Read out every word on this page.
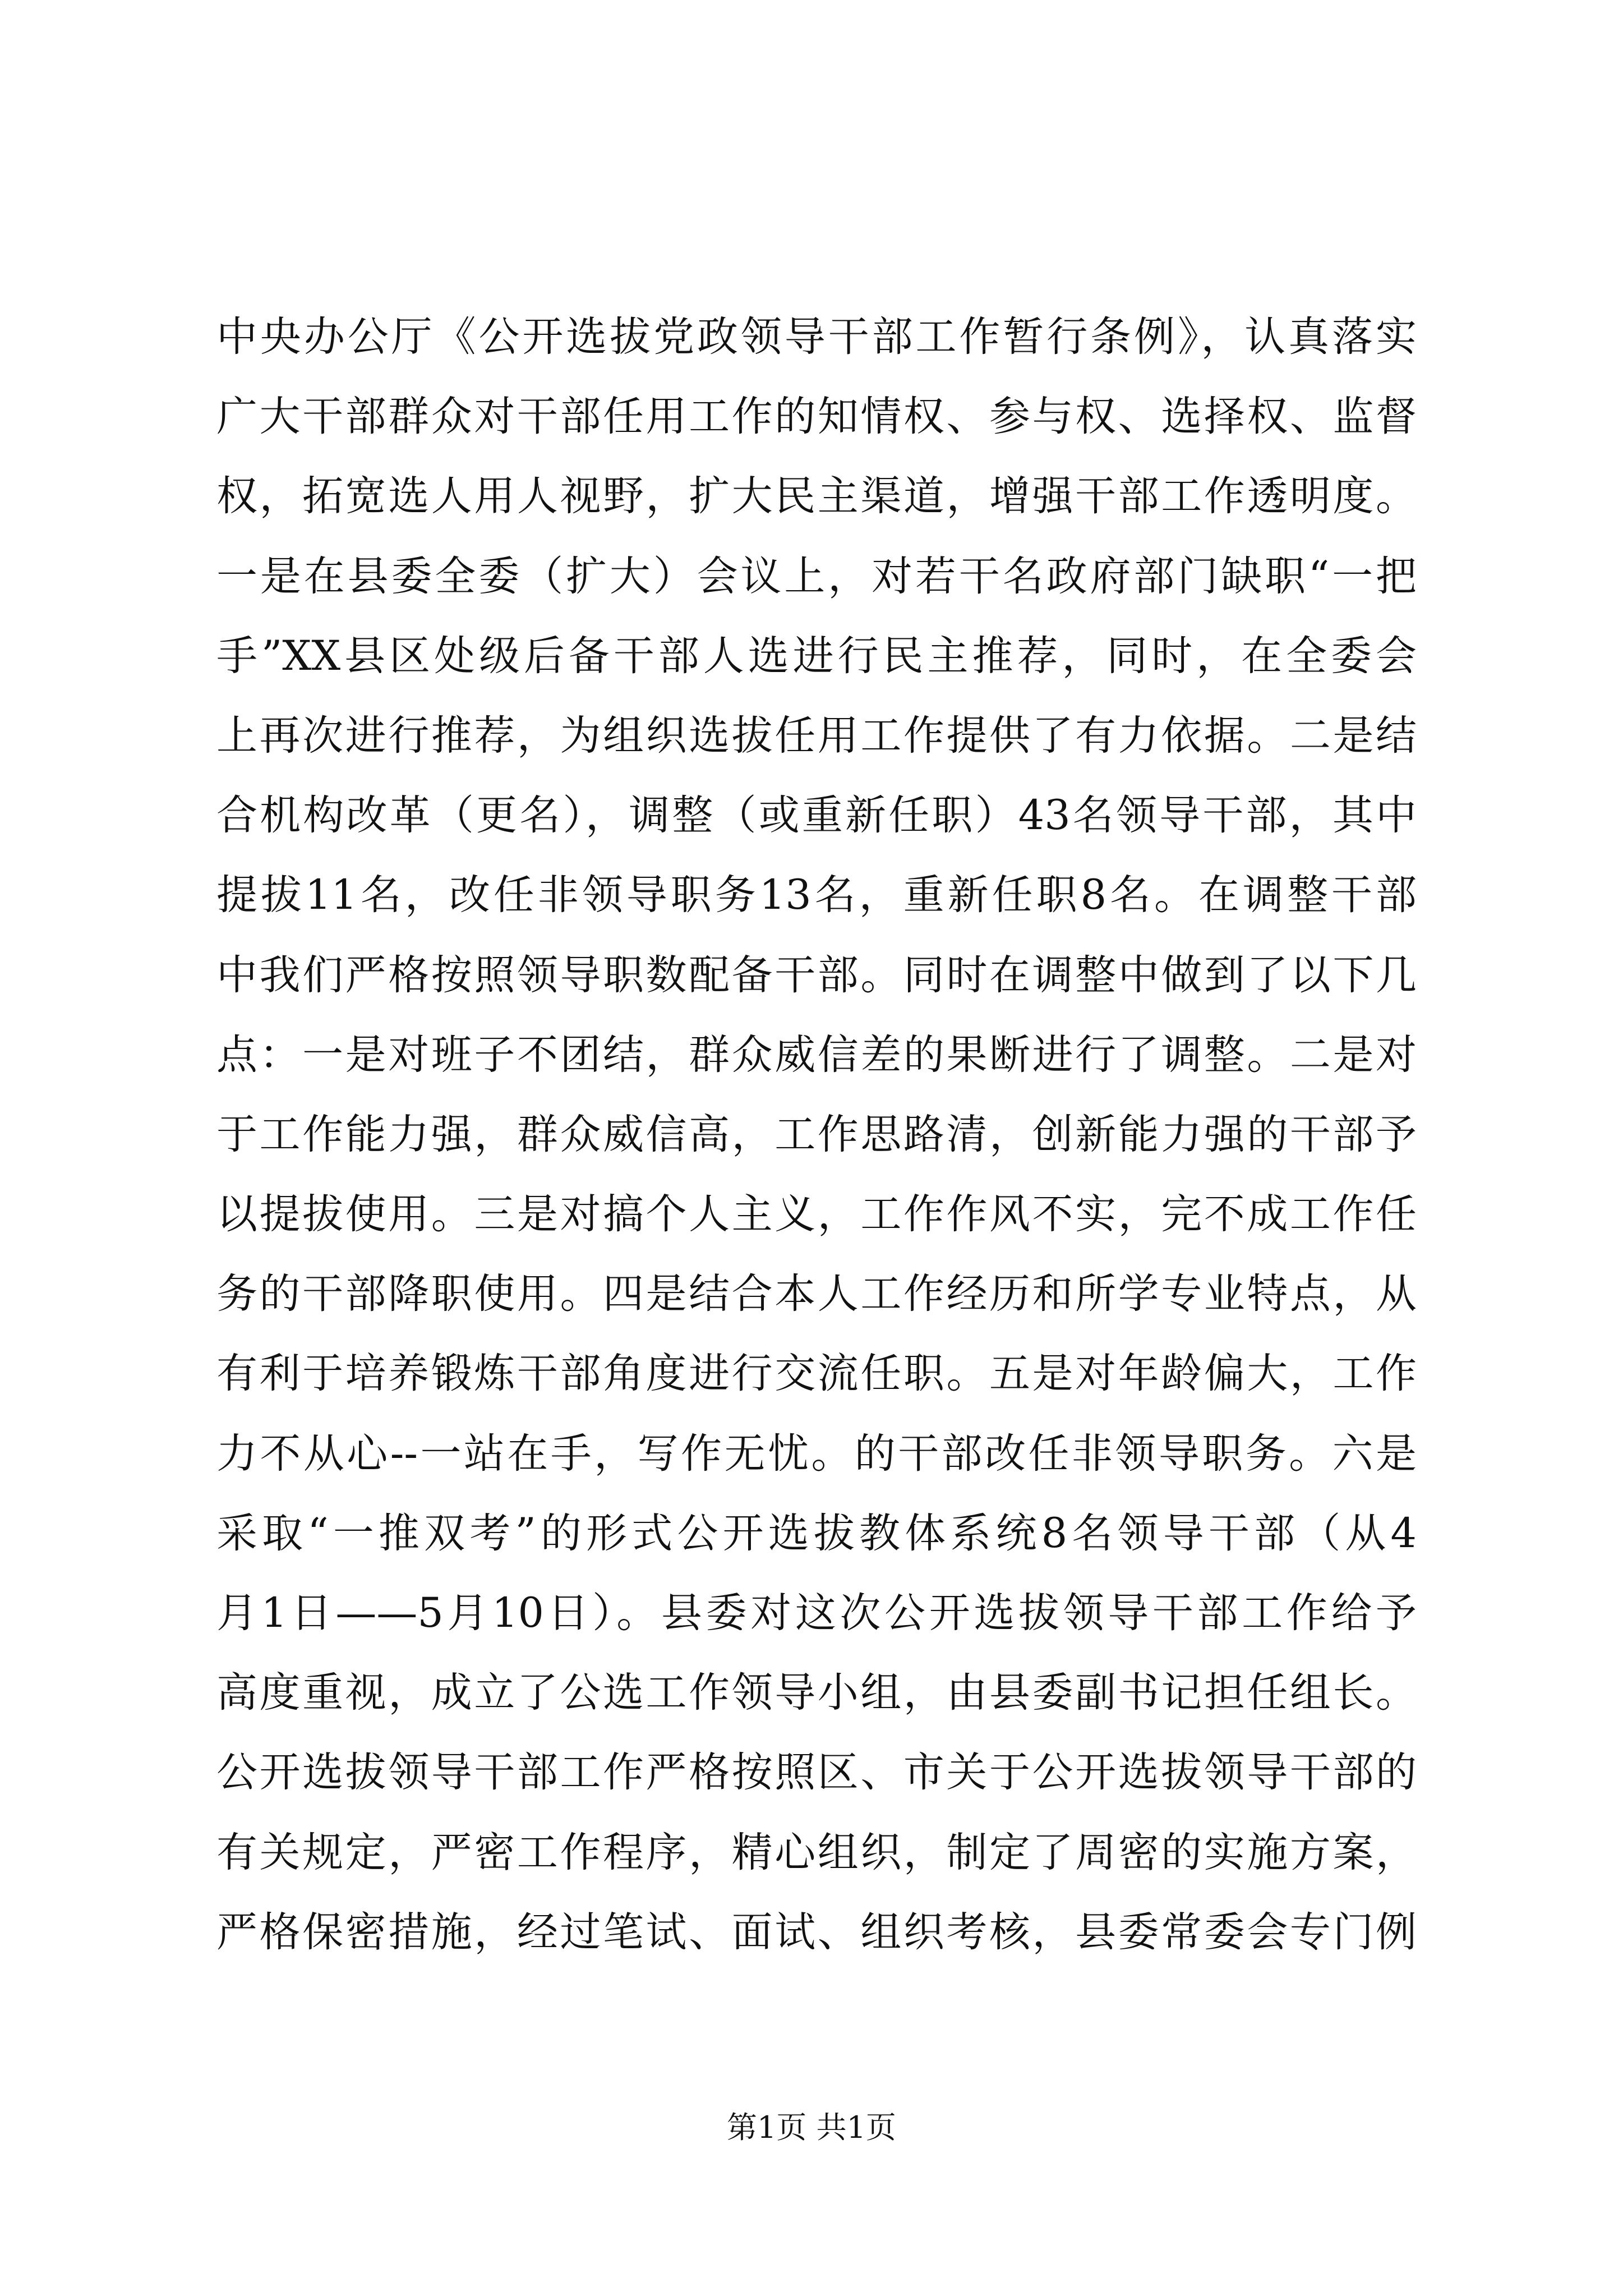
中央办公厅《公开选拔党政领导干部工作暂行条例》，认真落实
广大干部群众对干部任用工作的知情权、参与权、选择权、监督
权，拓宽选人用人视野，扩大民主渠道，增强干部工作透明度。
一是在县委全委（扩大）会议上，对若干名政府部门缺职“一把
手”XX县区处级后备干部人选进行民主推荐，同时，在全委会
上再次进行推荐，为组织选拔任用工作提供了有力依据。二是结
合机构改革（更名），调整（或重新任职）43名领导干部，其中
提拔11名，改任非领导职务13名，重新任职8名。在调整干部
中我们严格按照领导职数配备干部。同时在调整中做到了以下几
点：一是对班子不团结，群众威信差的果断进行了调整。二是对
于工作能力强，群众威信高，工作思路清，创新能力强的干部予
以提拔使用。三是对搞个人主义，工作作风不实，完不成工作任
务的干部降职使用。四是结合本人工作经历和所学专业特点，从
有利于培养锻炼干部角度进行交流任职。五是对年龄偏大，工作
力不从心--一站在手，写作无忧。的干部改任非领导职务。六是
采取“一推双考”的形式公开选拔教体系统8名领导干部（从4
月1日——5月10日）。县委对这次公开选拔领导干部工作给予
高度重视，成立了公选工作领导小组，由县委副书记担任组长。
公开选拔领导干部工作严格按照区、市关于公开选拔领导干部的
有关规定，严密工作程序，精心组织，制定了周密的实施方案，
严格保密措施，经过笔试、面试、组织考核，县委常委会专门例
第1页 共1页
